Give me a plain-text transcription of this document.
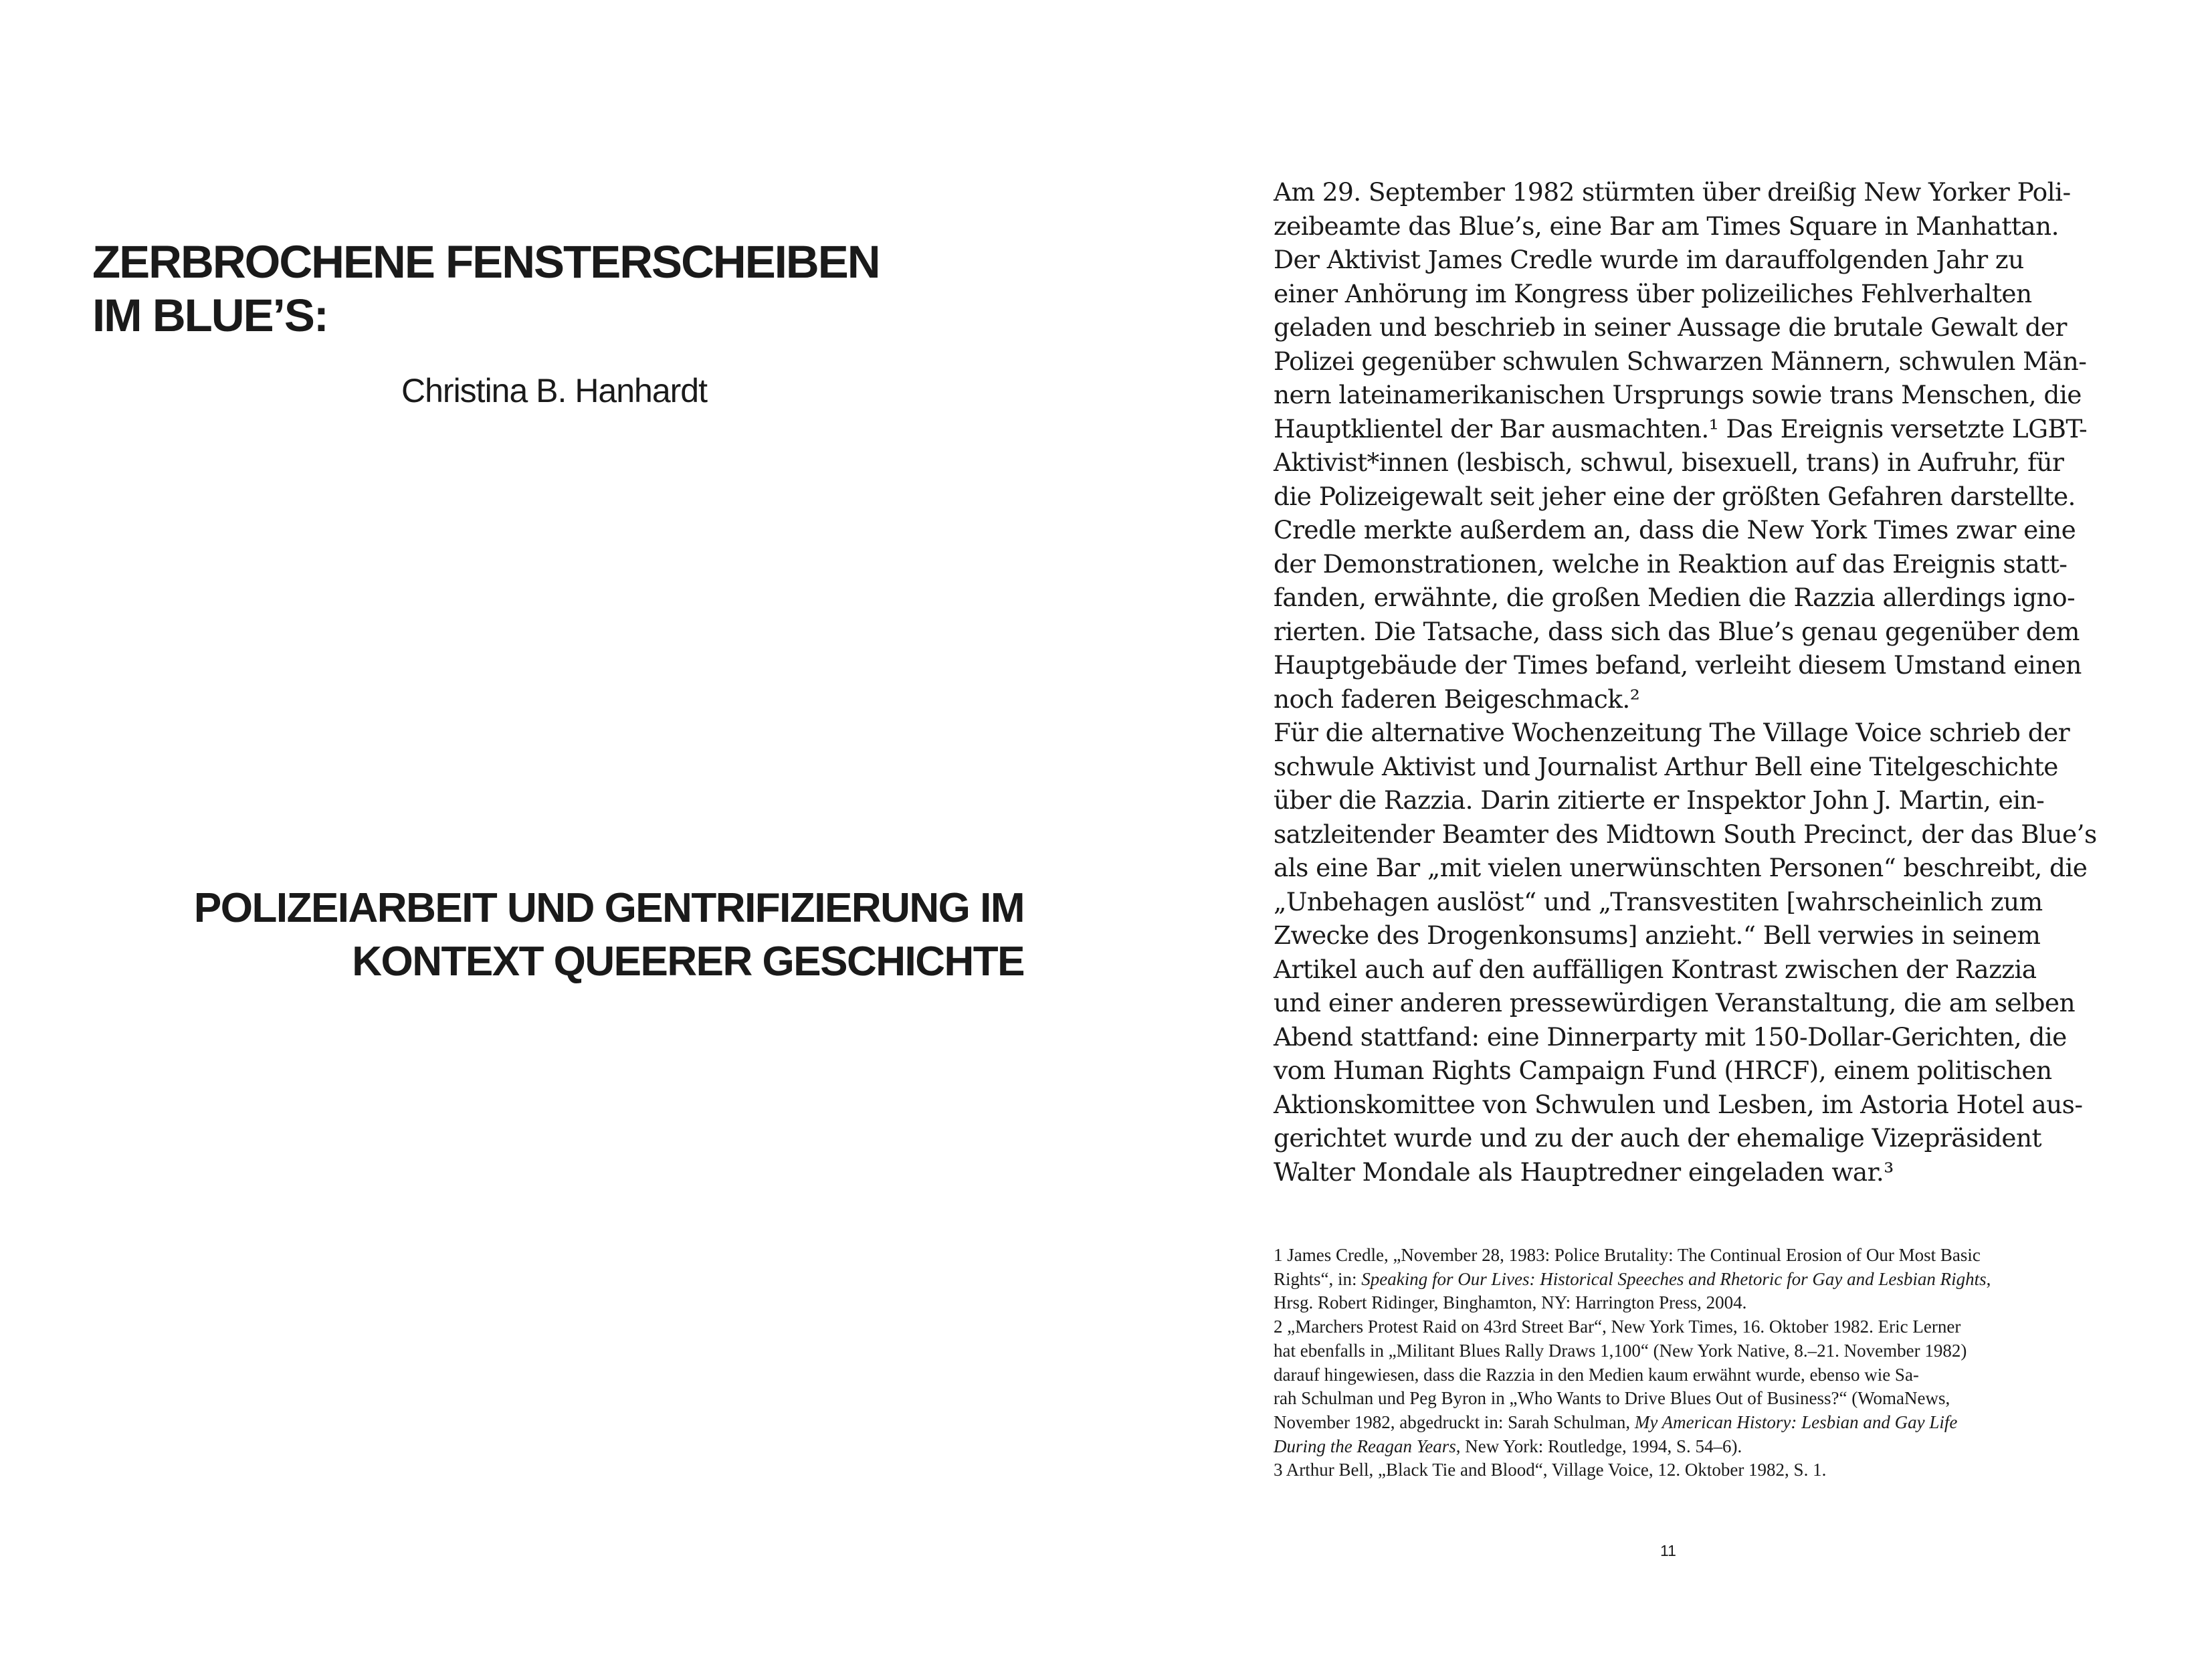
ZERBROCHENE FENSTERSCHEIBEN
IM BLUE’S:

Christina B. Hanhardt

POLIZEIARBEIT UND GENTRIFIZIERUNG IM
KONTEXT QUEERER GESCHICHTE
Am 29. September 1982 stürmten über dreißig New Yorker Poli-
zeibeamte das Blue’s, eine Bar am Times Square in Manhattan.
Der Aktivist James Credle wurde im darauffolgenden Jahr zu
einer Anhörung im Kongress über polizeiliches Fehlverhalten
geladen und beschrieb in seiner Aussage die brutale Gewalt der
Polizei gegenüber schwulen Schwarzen Männern, schwulen Män-
nern lateinamerikanischen Ursprungs sowie trans Menschen, die
Hauptklientel der Bar ausmachten.¹ Das Ereignis versetzte LGBT-
Aktivist*innen (lesbisch, schwul, bisexuell, trans) in Aufruhr, für
die Polizeigewalt seit jeher eine der größten Gefahren darstellte.
Credle merkte außerdem an, dass die New York Times zwar eine
der Demonstrationen, welche in Reaktion auf das Ereignis statt-
fanden, erwähnte, die großen Medien die Razzia allerdings igno-
rierten. Die Tatsache, dass sich das Blue’s genau gegenüber dem
Hauptgebäude der Times befand, verleiht diesem Umstand einen
noch faderen Beigeschmack.²
Für die alternative Wochenzeitung The Village Voice schrieb der
schwule Aktivist und Journalist Arthur Bell eine Titelgeschichte
über die Razzia. Darin zitierte er Inspektor John J. Martin, ein-
satzleitender Beamter des Midtown South Precinct, der das Blue’s
als eine Bar „mit vielen unerwünschten Personen“ beschreibt, die
„Unbehagen auslöst“ und „Transvestiten [wahrscheinlich zum
Zwecke des Drogenkonsums] anzieht.“ Bell verwies in seinem
Artikel auch auf den auffälligen Kontrast zwischen der Razzia
und einer anderen pressewürdigen Veranstaltung, die am selben
Abend stattfand: eine Dinnerparty mit 150-Dollar-Gerichten, die
vom Human Rights Campaign Fund (HRCF), einem politischen
Aktionskomittee von Schwulen und Lesben, im Astoria Hotel aus-
gerichtet wurde und zu der auch der ehemalige Vizepräsident
Walter Mondale als Hauptredner eingeladen war.³
1 James Credle, „November 28, 1983: Police Brutality: The Continual Erosion of Our Most Basic
Rights“, in: Speaking for Our Lives: Historical Speeches and Rhetoric for Gay and Lesbian Rights,
Hrsg. Robert Ridinger, Binghamton, NY: Harrington Press, 2004.
2 „Marchers Protest Raid on 43rd Street Bar“, New York Times, 16. Oktober 1982. Eric Lerner
hat ebenfalls in „Militant Blues Rally Draws 1,100“ (New York Native, 8.–21. November 1982)
darauf hingewiesen, dass die Razzia in den Medien kaum erwähnt wurde, ebenso wie Sa-
rah Schulman und Peg Byron in „Who Wants to Drive Blues Out of Business?“ (WomaNews,
November 1982, abgedruckt in: Sarah Schulman, My American History: Lesbian and Gay Life
During the Reagan Years, New York: Routledge, 1994, S. 54–6).
3 Arthur Bell, „Black Tie and Blood“, Village Voice, 12. Oktober 1982, S. 1.
11
